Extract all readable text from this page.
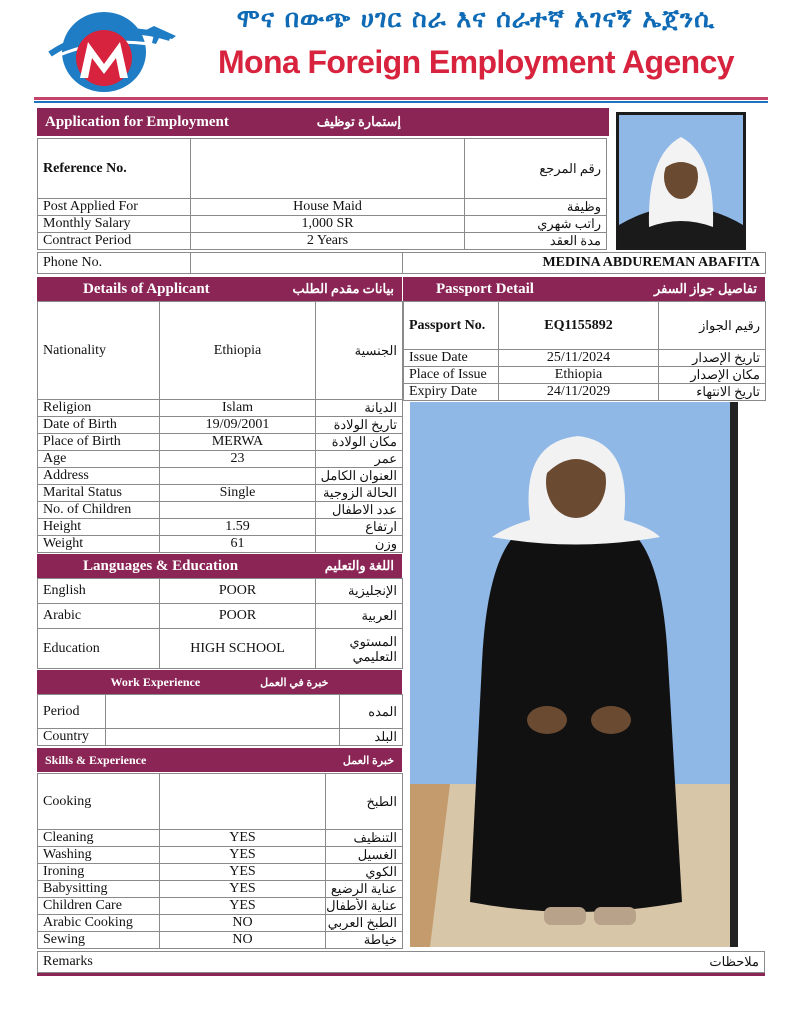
ሞና በውጭ ሀገር ስራ እና ሰራተኛ አገናኝ ኤጀንሲ
Mona Foreign Employment Agency
Application for Employment	إستمارة توظيف
Reference No.		رقم المرجع
Post Applied For	House Maid	وظيفة
Monthly Salary	1,000 SR	راتب شهري
Contract Period	2 Years	مدة العقد
Phone No.		MEDINA ABDUREMAN ABAFITA
Details of Applicant	بيانات مقدم الطلب
Nationality	Ethiopia	الجنسية
Religion	Islam	الديانة
Date of Birth	19/09/2001	تاريخ الولادة
Place of Birth	MERWA	مكان الولادة
Age	23	عمر
Address		العنوان الكامل
Marital Status	Single	الحالة الزوجية
No. of Children		عدد الاطفال
Height	1.59	ارتفاع
Weight	61	وزن
Passport Detail	تفاصيل جواز السفر
Passport No.	EQ1155892	رقيم الجواز
Issue Date	25/11/2024	تاريخ الإصدار
Place of Issue	Ethiopia	مكان الإصدار
Expiry Date	24/11/2029	تاريخ الانتهاء
Languages & Education	اللغة والتعليم
English	POOR	الإنجليزية
Arabic	POOR	العربية
Education	HIGH SCHOOL	المستوي التعليمي
Work Experience	خبرة في العمل
Period		المده
Country		البلد
Skills & Experience	خبرة العمل
Cooking		الطبخ
Cleaning	YES	التنظيف
Washing	YES	الغسيل
Ironing	YES	الكوي
Babysitting	YES	عناية الرضيع
Children Care	YES	عناية الأطفال
Arabic Cooking	NO	الطبخ العربي
Sewing	NO	خياطة
Remarks	ملاحظات
